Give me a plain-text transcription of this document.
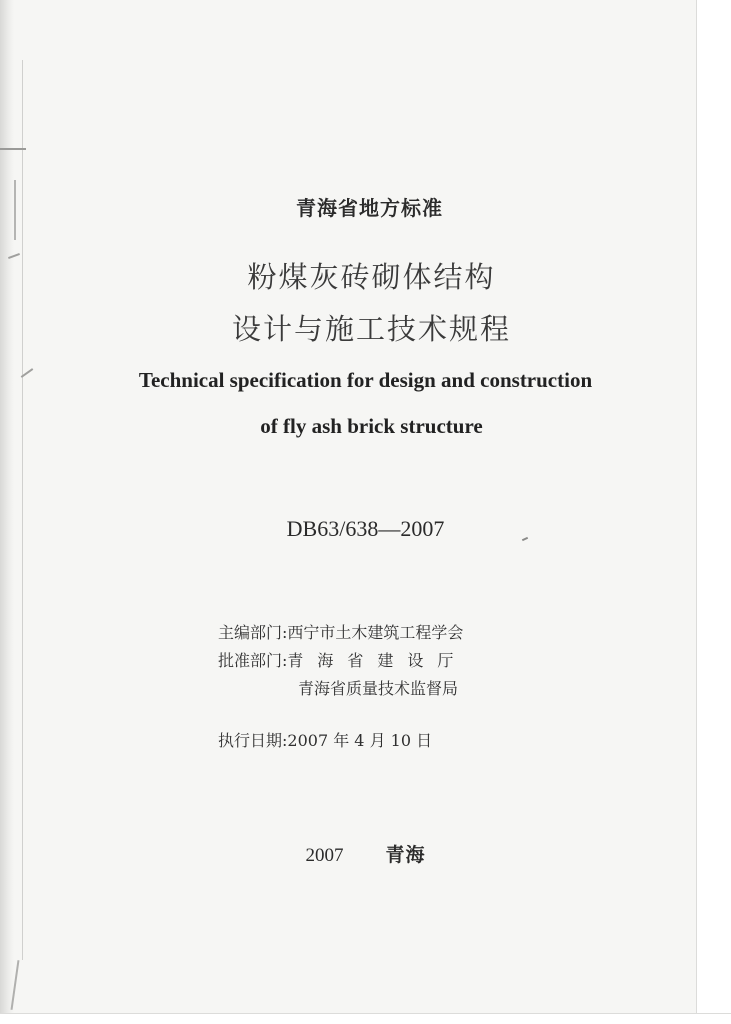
青海省地方标准
粉煤灰砖砌体结构
设计与施工技术规程
Technical specification for design and construction
of fly ash brick structure
DB63/638—2007
主编部门:西宁市土木建筑工程学会
批准部门:青海省建设厅
青海省质量技术监督局
执行日期:2007 年 4 月 10 日
2007 青海
